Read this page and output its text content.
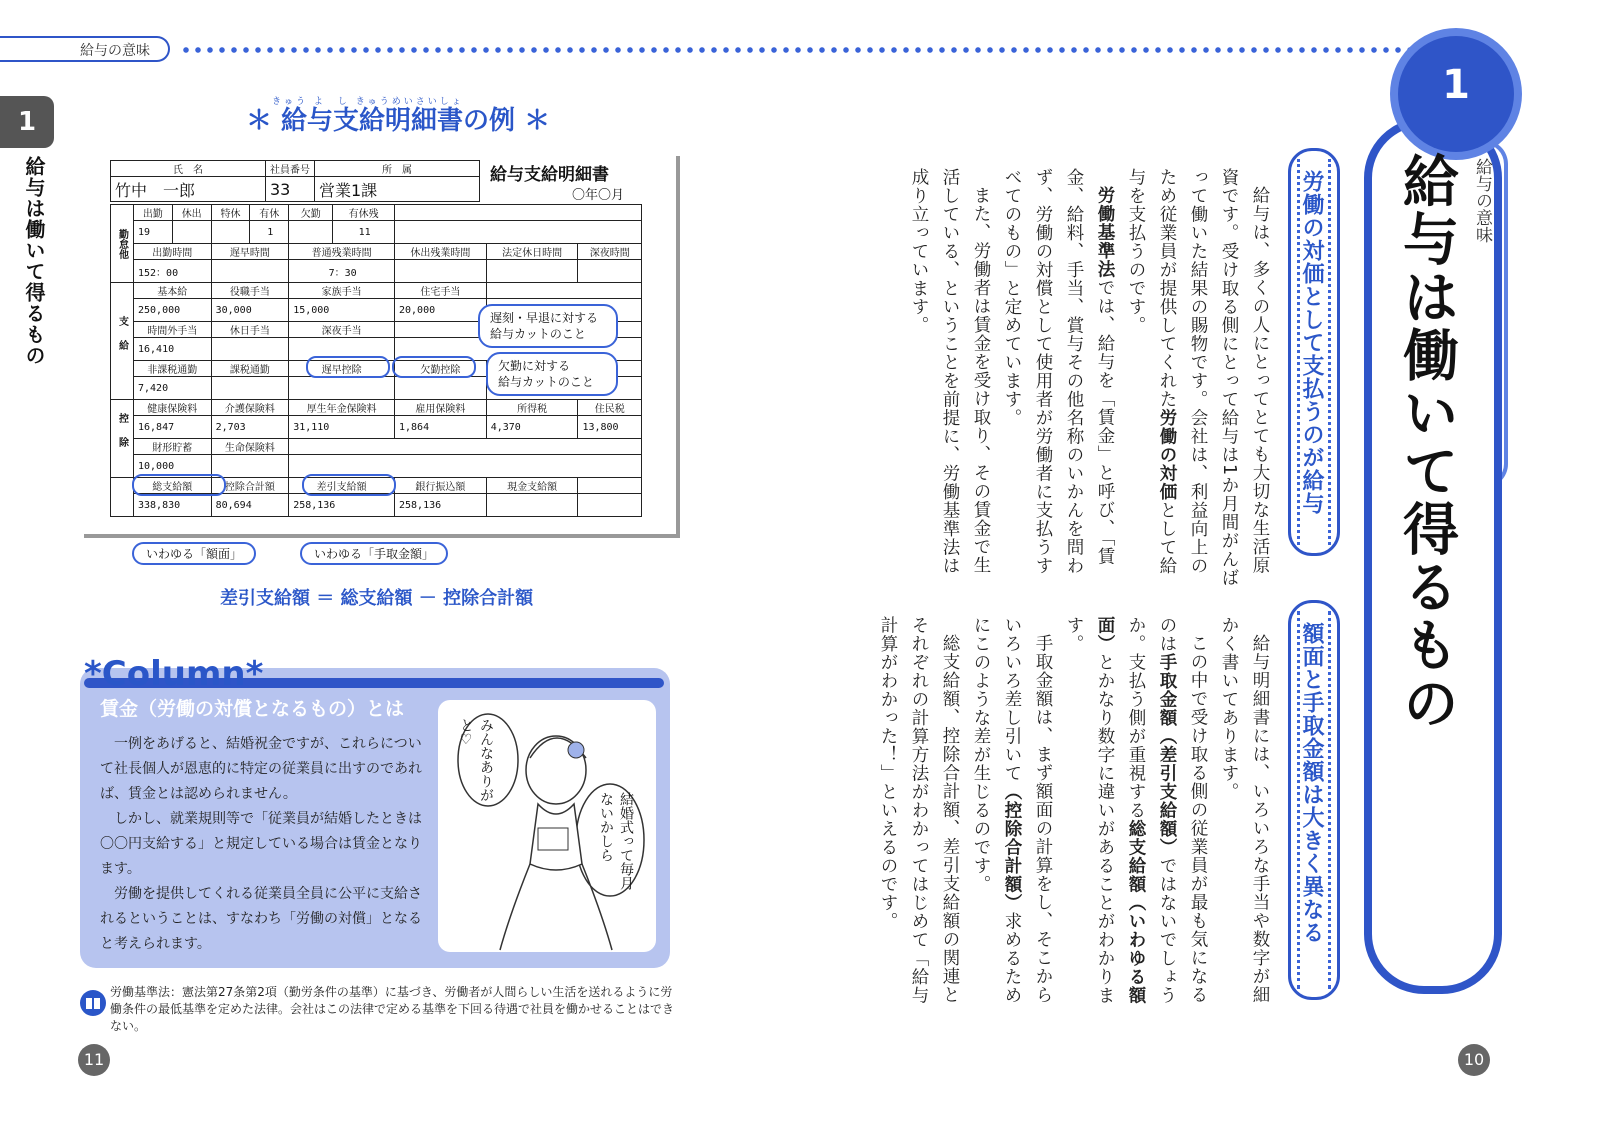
給与の意味
1
給与は働いて得るもの
きゅう よ　し きゅうめいさいしょ
＊ 給与支給明細書の例 ＊
給与支給明細書
〇年〇月
氏　名	社員番号	所　属
竹中　一郎	33	営業1課
勤怠他	出勤	休出	特休	有休	欠勤	有休残			
	19			1		11			
	出勤時間		遅早時間		普通残業時間		休出残業時間	法定休日時間	深夜時間
	152：00				7：30				
支給	基本給		役職手当		家族手当		住宅手当		
	250,000		30,000		15,000		20,000		
	時間外手当		休日手当		深夜手当				
	16,410								
	非課税通勤		課税通勤		遅早控除		欠勤控除		
	7,420								
控除	健康保険料		介護保険料		厚生年金保険料		雇用保険料	所得税	住民税
	16,847		2,703		31,110		1,864	4,370	13,800
	財形貯蓄		生命保険料						
	10,000								
	総支給額		控除合計額		差引支給額		銀行振込額	現金支給額	
	338,830		80,694		258,136		258,136		
遅刻・早退に対する
給与カットのこと
欠勤に対する
給与カットのこと
いわゆる「額面」	いわゆる「手取金額」
差引支給額 ＝ 総支給額 － 控除合計額
*Column*
賃金（労働の対償となるもの）とは

一例をあげると、結婚祝金ですが、これらについて社長個人が恩恵的に特定の従業員に出すのであれば、賃金とは認められません。

しかし、就業規則等で「従業員が結婚したときは〇〇円支給する」と規定している場合は賃金となります。

労働を提供してくれる従業員全員に公平に支給されるということは、すなわち「労働の対償」となると考えられます。

みんなありがと♡
結婚式って毎月ないかしら
労働基準法：憲法第27条第2項（勤労条件の基準）に基づき、労働者が人間らしい生活を送れるように労働条件の最低基準を定めた法律。会社はこの法律で定める基準を下回る待遇で社員を働かせることはできない。
11
1
給与は働いて得るもの 給与の意味
労働の対価として支払うのが給与

給与は、多くの人にとってとても大切な生活原資です。受け取る側にとって給与は1か月間がんばって働いた結果の賜物です。会社は、利益向上のため従業員が提供してくれた労働の対価として給与を支払うのです。

労働基準法では、給与を「賃金」と呼び、「賃金、給料、手当、賞与その他名称のいかんを問わず、労働の対償として使用者が労働者に支払うすべてのもの」と定めています。

また、労働者は賃金を受け取り、その賃金で生活している、ということを前提に、労働基準法は成り立っています。

額面と手取金額は大きく異なる

給与明細書には、いろいろな手当や数字が細かく書いてあります。

この中で受け取る側の従業員が最も気になるのは手取金額（差引支給額）ではないでしょうか。支払う側が重視する総支給額（いわゆる額面）とかなり数字に違いがあることがわかります。

手取金額は、まず額面の計算をし、そこからいろいろ差し引いて（控除合計額）求めるためにこのような差が生じるのです。

総支給額、控除合計額、差引支給額の関連とそれぞれの計算方法がわかってはじめて「給与計算がわかった！」といえるのです。

10
